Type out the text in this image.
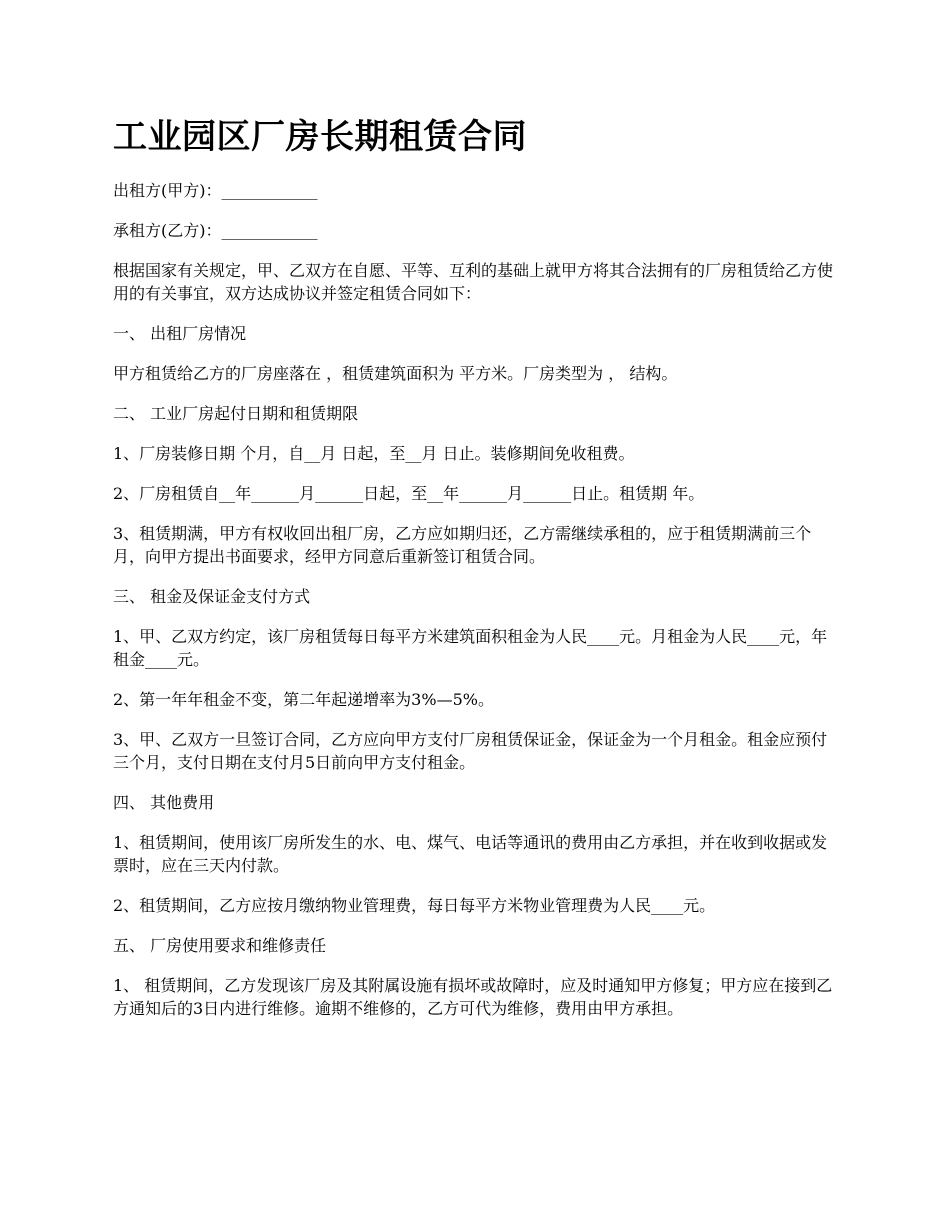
工业园区厂房长期租赁合同

出租方(甲方)：____________

承租方(乙方)：____________

根据国家有关规定，甲、乙双方在自愿、平等、互利的基础上就甲方将其合法拥有的厂房租赁给乙方使用的有关事宜，双方达成协议并签定租赁合同如下：

一、 出租厂房情况

甲方租赁给乙方的厂房座落在 ，租赁建筑面积为 平方米。厂房类型为 ， 结构。

二、 工业厂房起付日期和租赁期限

1、厂房装修日期 个月，自__月 日起，至__月 日止。装修期间免收租费。

2、厂房租赁自__年______月______日起，至__年______月______日止。租赁期 年。

3、租赁期满，甲方有权收回出租厂房，乙方应如期归还，乙方需继续承租的，应于租赁期满前三个月，向甲方提出书面要求，经甲方同意后重新签订租赁合同。

三、 租金及保证金支付方式

1、甲、乙双方约定，该厂房租赁每日每平方米建筑面积租金为人民____元。月租金为人民____元，年租金____元。

2、第一年年租金不变，第二年起递增率为3%—5%。

3、甲、乙双方一旦签订合同，乙方应向甲方支付厂房租赁保证金，保证金为一个月租金。租金应预付三个月，支付日期在支付月5日前向甲方支付租金。

四、 其他费用

1、租赁期间，使用该厂房所发生的水、电、煤气、电话等通讯的费用由乙方承担，并在收到收据或发票时，应在三天内付款。

2、租赁期间，乙方应按月缴纳物业管理费，每日每平方米物业管理费为人民____元。

五、 厂房使用要求和维修责任

1、 租赁期间，乙方发现该厂房及其附属设施有损坏或故障时，应及时通知甲方修复；甲方应在接到乙方通知后的3日内进行维修。逾期不维修的，乙方可代为维修，费用由甲方承担。
